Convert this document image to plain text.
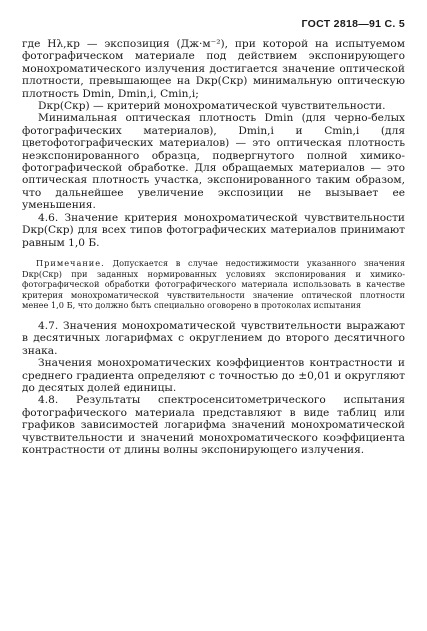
ГОСТ 2818—91 С. 5

где Hλ,кр — экспозиция (Дж·м⁻²), при которой на испытуемом фотографическом материале под действием экспонирующего монохроматического излучения достигается значение оптической плотности, превышающее на Dкр(Cкр) минимальную оптическую плотность Dmin, Dmin,i, Cmin,i;

Dкр(Cкр) — критерий монохроматической чувствительности.

Минимальная оптическая плотность Dmin (для черно-белых фотографических материалов), Dmin,i и Cmin,i (для цветофотографических материалов) — это оптическая плотность неэкспонированного образца, подвергнутого полной химико-фотографической обработке. Для обращаемых материалов — это оптическая плотность участка, экспонированного таким образом, что дальнейшее увеличение экспозиции не вызывает ее уменьшения.

4.6. Значение критерия монохроматической чувствительности Dкр(Cкр) для всех типов фотографических материалов принимают равным 1,0 Б.

Примечание. Допускается в случае недостижимости указанного значения Dкр(Cкр) при заданных нормированных условиях экспонирования и химико-фотографической обработки фотографического материала использовать в качестве критерия монохроматической чувствительности значение оптической плотности менее 1,0 Б, что должно быть специально оговорено в протоколах испытания

4.7. Значения монохроматической чувствительности выражают в десятичных логарифмах с округлением до второго десятичного знака.

Значения монохроматических коэффициентов контрастности и среднего градиента определяют с точностью до ±0,01 и округляют до десятых долей единицы.

4.8. Результаты спектросенситометрического испытания фотографического материала представляют в виде таблиц или графиков зависимостей логарифма значений монохроматической чувствительности и значений монохроматического коэффициента контрастности от длины волны экспонирующего излучения.
